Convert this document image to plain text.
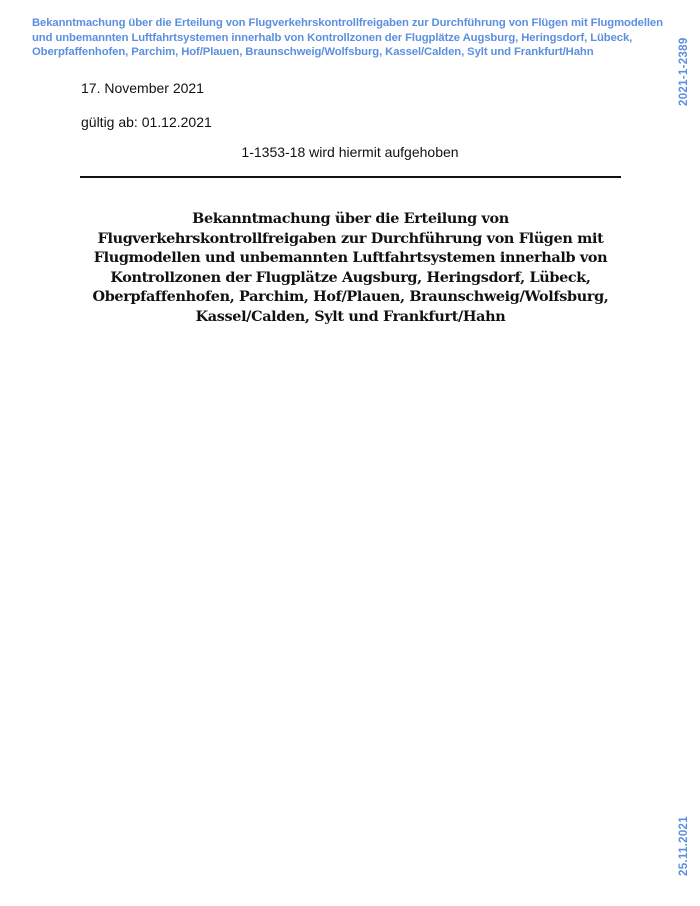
Bekanntmachung über die Erteilung von Flugverkehrskontrollfreigaben zur Durchführung von Flügen mit Flugmodellen und unbemannten Luftfahrtsystemen innerhalb von Kontrollzonen der Flugplätze Augsburg, Heringsdorf, Lübeck, Oberpfaffenhofen, Parchim, Hof/Plauen, Braunschweig/Wolfsburg, Kassel/Calden, Sylt und Frankfurt/Hahn	2021-1-2389
25.11.2021
17. November 2021
gültig ab: 01.12.2021
1-1353-18 wird hiermit aufgehoben
Bekanntmachung über die Erteilung von Flugverkehrskontrollfreigaben zur Durchführung von Flügen mit Flugmodellen und unbemannten Luftfahrtsystemen innerhalb von Kontrollzonen der Flugplätze Augsburg, Heringsdorf, Lübeck, Oberpfaffenhofen, Parchim, Hof/Plauen, Braunschweig/Wolfsburg, Kassel/Calden, Sylt und Frankfurt/Hahn
